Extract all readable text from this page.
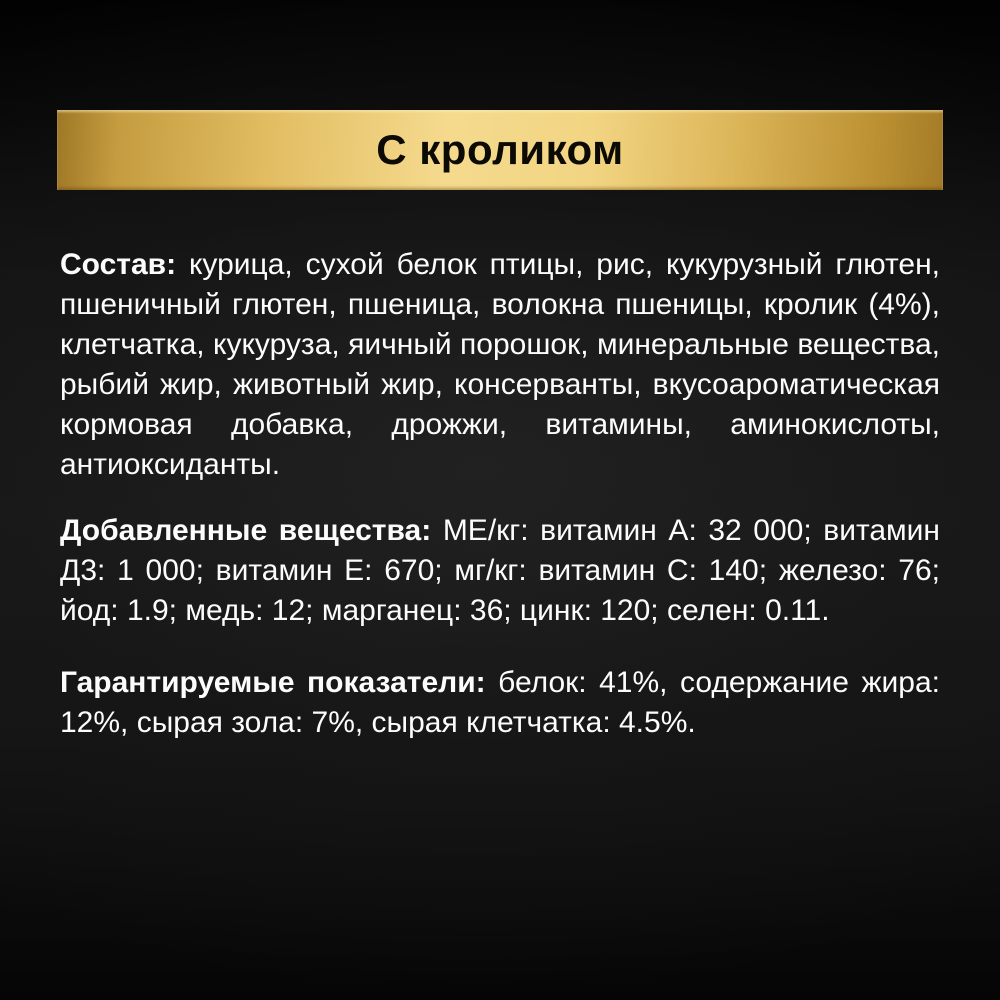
С кроликом

Состав: курица, сухой белок птицы, рис, кукурузный глютен, пшеничный глютен, пшеница, волокна пшеницы, кролик (4%), клетчатка, кукуруза, яичный порошок, минеральные вещества, рыбий жир, животный жир, консерванты, вкусоароматическая кормовая добавка, дрожжи, витамины, аминокислоты, антиоксиданты.

Добавленные вещества: МЕ/кг: витамин А: 32 000; витамин Д3: 1 000; витамин Е: 670; мг/кг: витамин С: 140; железо: 76; йод: 1.9; медь: 12; марганец: 36; цинк: 120; селен: 0.11.

Гарантируемые показатели: белок: 41%, содержание жира: 12%, сырая зола: 7%, сырая клетчатка: 4.5%.
